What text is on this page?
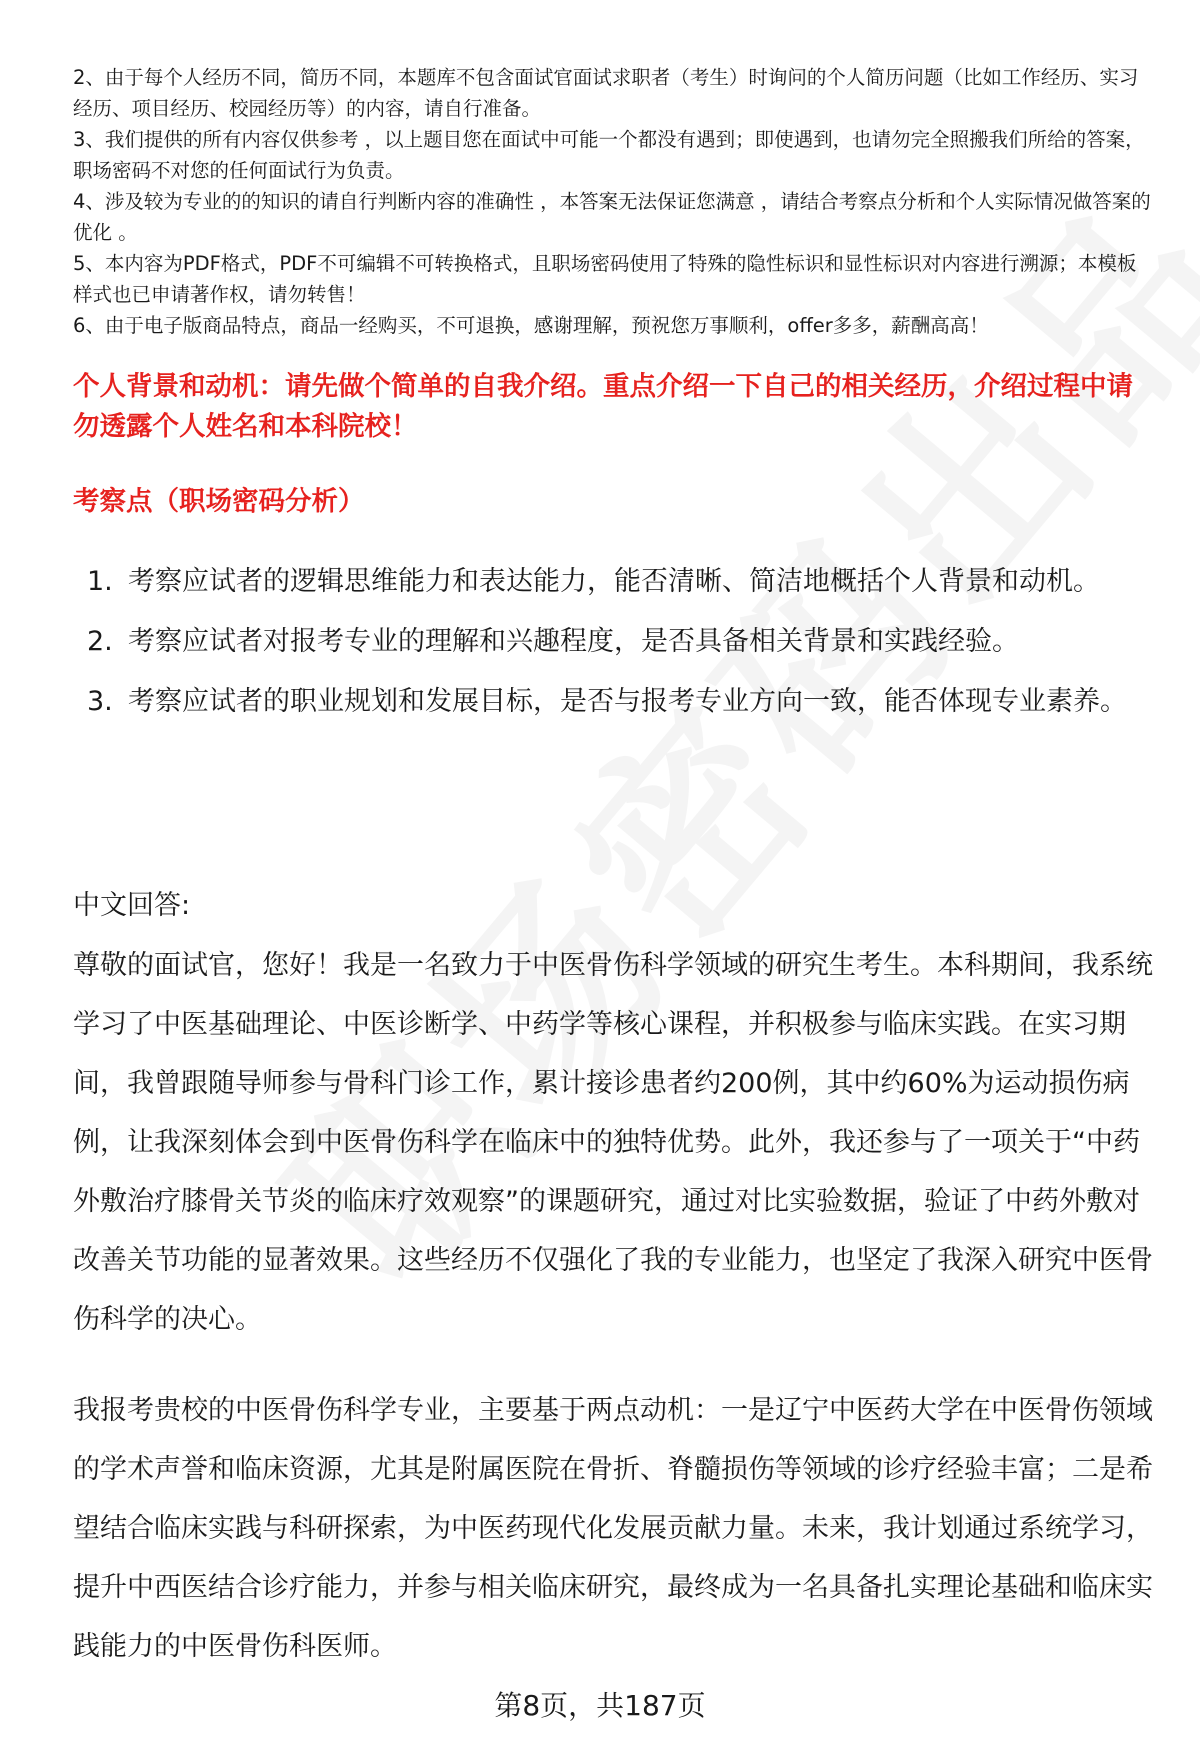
2、由于每个人经历不同，简历不同，本题库不包含面试官面试求职者（考生）时询问的个人简历问题（比如工作经历、实习经历、项目经历、校园经历等）的内容，请自行准备。

3、我们提供的所有内容仅供参考 ，以上题目您在面试中可能一个都没有遇到；即使遇到，也请勿完全照搬我们所给的答案，职场密码不对您的任何面试行为负责。

4、涉及较为专业的的知识的请自行判断内容的准确性 ，本答案无法保证您满意 ，请结合考察点分析和个人实际情况做答案的优化 。

5、本内容为PDF格式，PDF不可编辑不可转换格式，且职场密码使用了特殊的隐性标识和显性标识对内容进行溯源；本模板样式也已申请著作权，请勿转售！

6、由于电子版商品特点，商品一经购买，不可退换，感谢理解，预祝您万事顺利，offer多多，薪酬高高！

个人背景和动机：请先做个简单的自我介绍。重点介绍一下自己的相关经历，介绍过程中请勿透露个人姓名和本科院校！

考察点（职场密码分析）

1. 考察应试者的逻辑思维能力和表达能力，能否清晰、简洁地概括个人背景和动机。
2. 考察应试者对报考专业的理解和兴趣程度，是否具备相关背景和实践经验。
3. 考察应试者的职业规划和发展目标，是否与报考专业方向一致，能否体现专业素养。

中文回答:

尊敬的面试官，您好！我是一名致力于中医骨伤科学领域的研究生考生。本科期间，我系统学习了中医基础理论、中医诊断学、中药学等核心课程，并积极参与临床实践。在实习期间，我曾跟随导师参与骨科门诊工作，累计接诊患者约200例，其中约60%为运动损伤病例，让我深刻体会到中医骨伤科学在临床中的独特优势。此外，我还参与了一项关于“中药外敷治疗膝骨关节炎的临床疗效观察”的课题研究，通过对比实验数据，验证了中药外敷对改善关节功能的显著效果。这些经历不仅强化了我的专业能力，也坚定了我深入研究中医骨伤科学的决心。

我报考贵校的中医骨伤科学专业，主要基于两点动机：一是辽宁中医药大学在中医骨伤领域的学术声誉和临床资源，尤其是附属医院在骨折、脊髓损伤等领域的诊疗经验丰富；二是希望结合临床实践与科研探索，为中医药现代化发展贡献力量。未来，我计划通过系统学习，提升中西医结合诊疗能力，并参与相关临床研究，最终成为一名具备扎实理论基础和临床实践能力的中医骨伤科医师。

第8页，共187页
